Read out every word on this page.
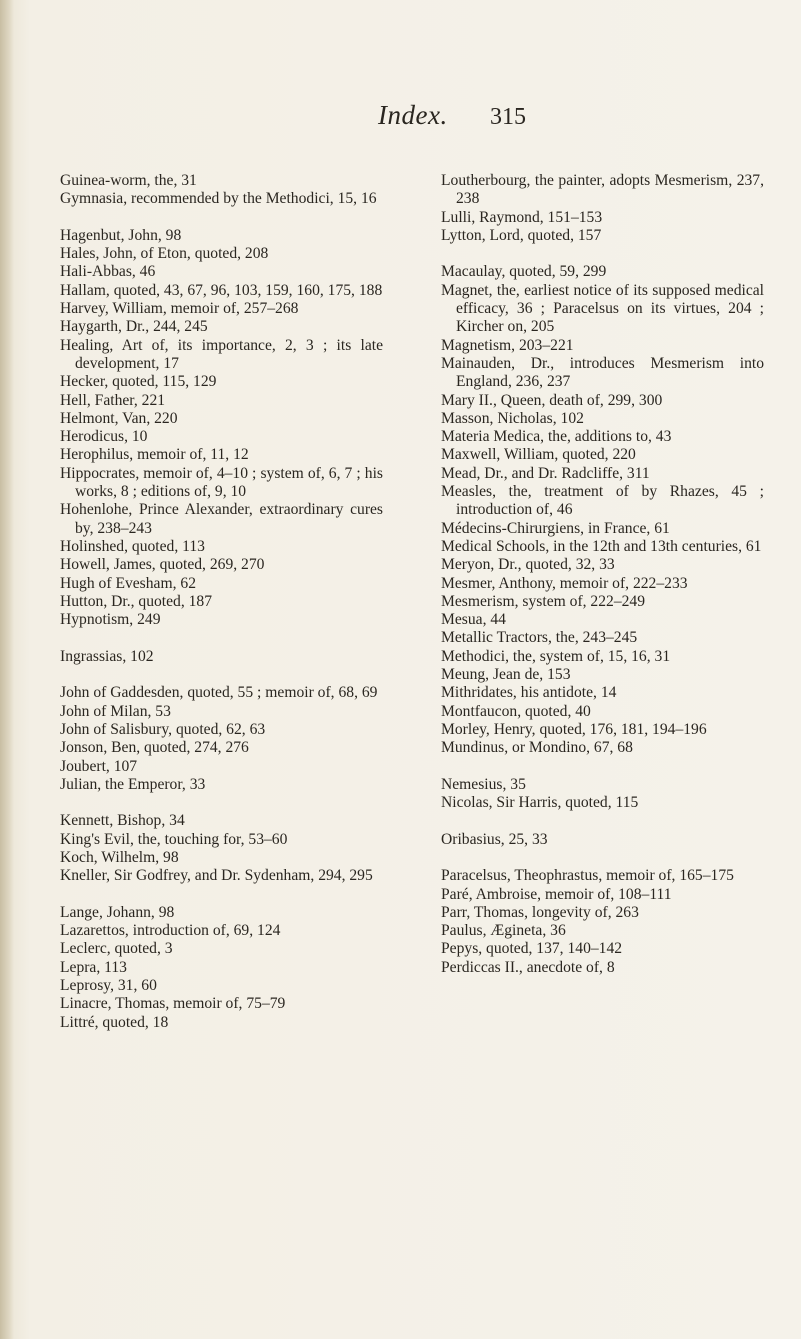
Index. 315
Guinea-worm, the, 31
Gymnasia, recommended by the Methodici, 15, 16
Hagenbut, John, 98
Hales, John, of Eton, quoted, 208
Hali-Abbas, 46
Hallam, quoted, 43, 67, 96, 103, 159, 160, 175, 188
Harvey, William, memoir of, 257–268
Haygarth, Dr., 244, 245
Healing, Art of, its importance, 2, 3 ; its late development, 17
Hecker, quoted, 115, 129
Hell, Father, 221
Helmont, Van, 220
Herodicus, 10
Herophilus, memoir of, 11, 12
Hippocrates, memoir of, 4–10 ; system of, 6, 7 ; his works, 8 ; editions of, 9, 10
Hohenlohe, Prince Alexander, extraordinary cures by, 238–243
Holinshed, quoted, 113
Howell, James, quoted, 269, 270
Hugh of Evesham, 62
Hutton, Dr., quoted, 187
Hypnotism, 249
Ingrassias, 102
John of Gaddesden, quoted, 55 ; memoir of, 68, 69
John of Milan, 53
John of Salisbury, quoted, 62, 63
Jonson, Ben, quoted, 274, 276
Joubert, 107
Julian, the Emperor, 33
Kennett, Bishop, 34
King's Evil, the, touching for, 53–60
Koch, Wilhelm, 98
Kneller, Sir Godfrey, and Dr. Sydenham, 294, 295
Lange, Johann, 98
Lazarettos, introduction of, 69, 124
Leclerc, quoted, 3
Lepra, 113
Leprosy, 31, 60
Linacre, Thomas, memoir of, 75–79
Littré, quoted, 18
Loutherbourg, the painter, adopts Mesmerism, 237, 238
Lulli, Raymond, 151–153
Lytton, Lord, quoted, 157
Macaulay, quoted, 59, 299
Magnet, the, earliest notice of its supposed medical efficacy, 36 ; Paracelsus on its virtues, 204 ; Kircher on, 205
Magnetism, 203–221
Mainauden, Dr., introduces Mesmerism into England, 236, 237
Mary II., Queen, death of, 299, 300
Masson, Nicholas, 102
Materia Medica, the, additions to, 43
Maxwell, William, quoted, 220
Mead, Dr., and Dr. Radcliffe, 311
Measles, the, treatment of by Rhazes, 45 ; introduction of, 46
Médecins-Chirurgiens, in France, 61
Medical Schools, in the 12th and 13th centuries, 61
Meryon, Dr., quoted, 32, 33
Mesmer, Anthony, memoir of, 222–233
Mesmerism, system of, 222–249
Mesua, 44
Metallic Tractors, the, 243–245
Methodici, the, system of, 15, 16, 31
Meung, Jean de, 153
Mithridates, his antidote, 14
Montfaucon, quoted, 40
Morley, Henry, quoted, 176, 181, 194–196
Mundinus, or Mondino, 67, 68
Nemesius, 35
Nicolas, Sir Harris, quoted, 115
Oribasius, 25, 33
Paracelsus, Theophrastus, memoir of, 165–175
Paré, Ambroise, memoir of, 108–111
Parr, Thomas, longevity of, 263
Paulus, Ægineta, 36
Pepys, quoted, 137, 140–142
Perdiccas II., anecdote of, 8
